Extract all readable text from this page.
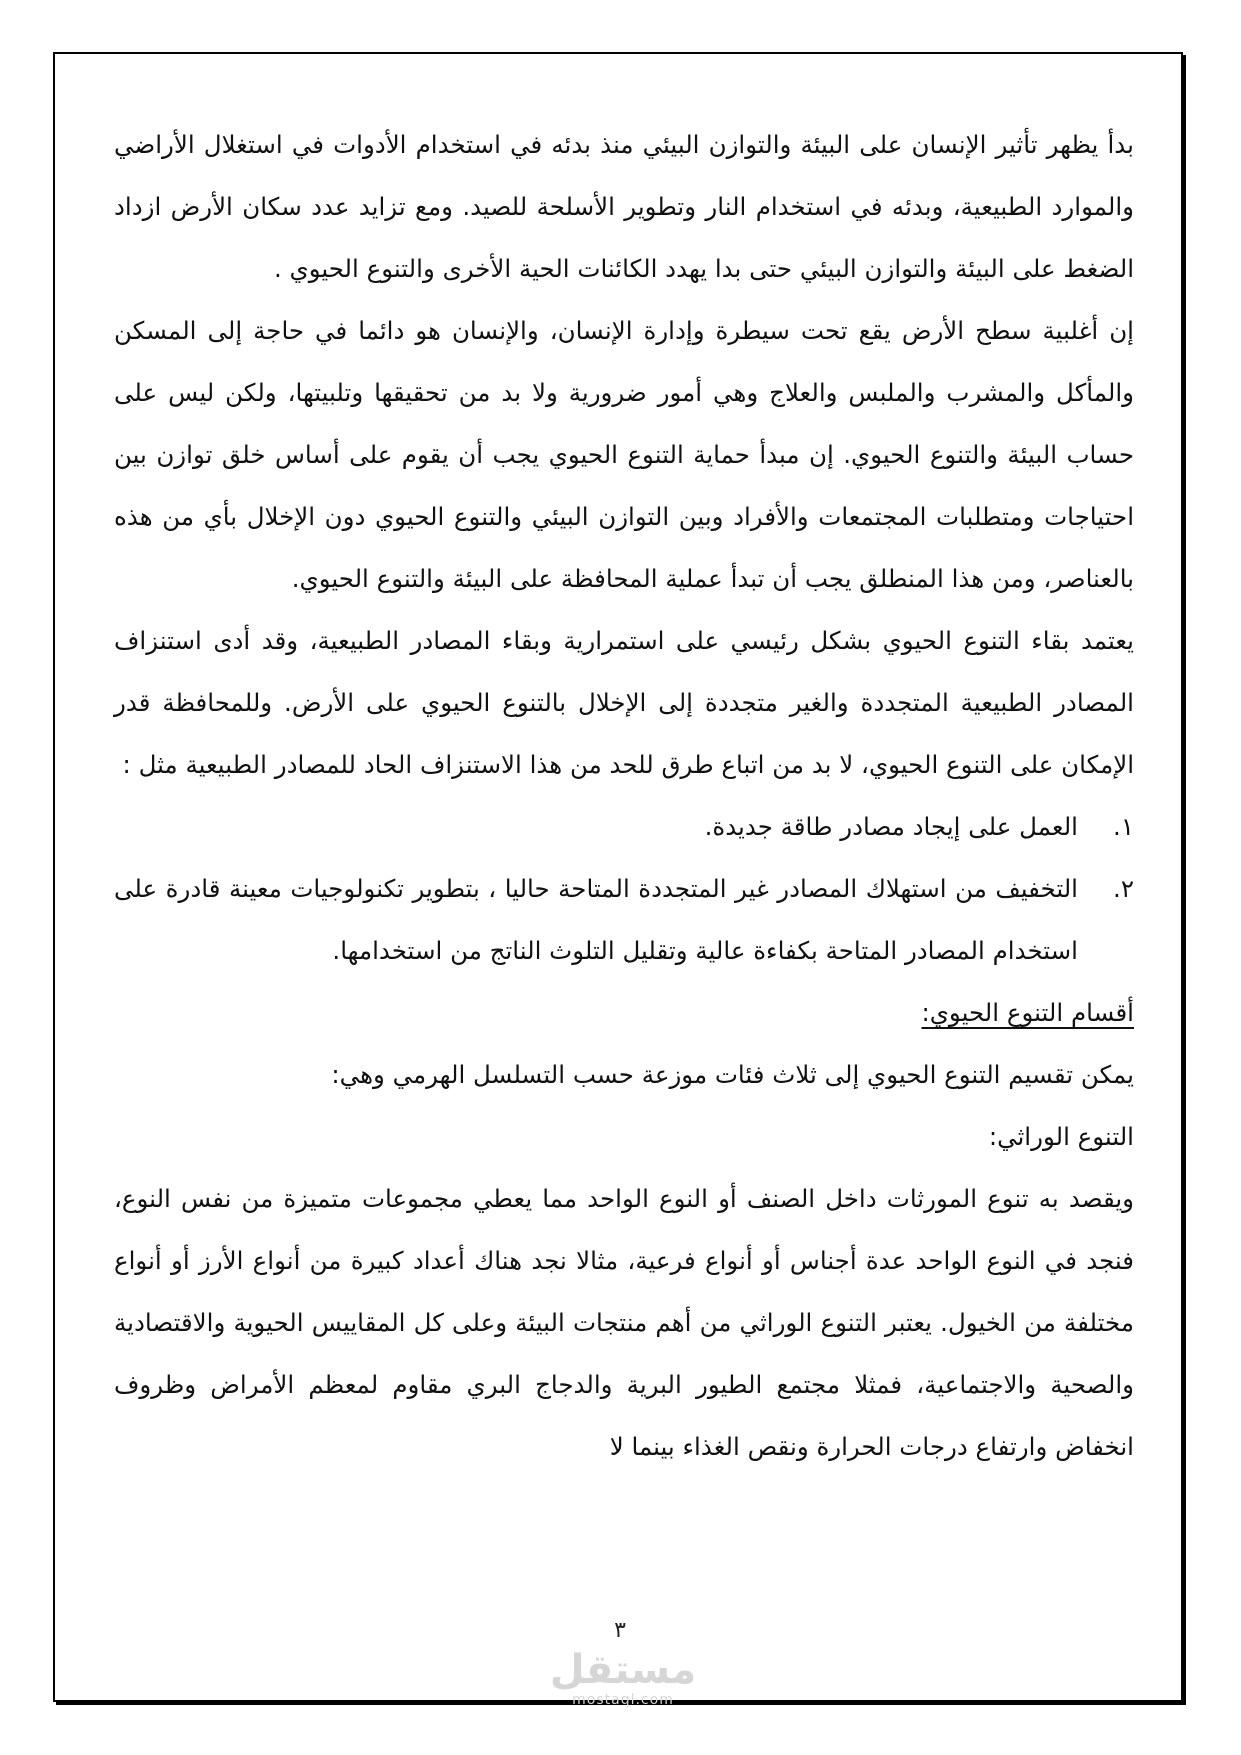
بدأ يظهر تأثير الإنسان على البيئة والتوازن البيئي منذ بدئه في استخدام الأدوات في استغلال الأراضي والموارد الطبيعية، وبدئه في استخدام النار وتطوير الأسلحة للصيد. ومع تزايد عدد سكان الأرض ازداد الضغط على البيئة والتوازن البيئي حتى بدا يهدد الكائنات الحية الأخرى والتنوع الحيوي .

إن أغلبية سطح الأرض يقع تحت سيطرة وإدارة الإنسان، والإنسان هو دائما في حاجة إلى المسكن والمأكل والمشرب والملبس والعلاج وهي أمور ضرورية ولا بد من تحقيقها وتلبيتها، ولكن ليس على حساب البيئة والتنوع الحيوي. إن مبدأ حماية التنوع الحيوي يجب أن يقوم على أساس خلق توازن بين احتياجات ومتطلبات المجتمعات والأفراد وبين التوازن البيئي والتنوع الحيوي دون الإخلال بأي من هذه بالعناصر، ومن هذا المنطلق يجب أن تبدأ عملية المحافظة على البيئة والتنوع الحيوي.

يعتمد بقاء التنوع الحيوي بشكل رئيسي على استمرارية وبقاء المصادر الطبيعية، وقد أدى استنزاف المصادر الطبيعية المتجددة والغير متجددة إلى الإخلال بالتنوع الحيوي على الأرض. وللمحافظة قدر الإمكان على التنوع الحيوي، لا بد من اتباع طرق للحد من هذا الاستنزاف الحاد للمصادر الطبيعية مثل :

١.
العمل على إيجاد مصادر طاقة جديدة.
٢.
التخفيف من استهلاك المصادر غير المتجددة المتاحة حاليا ، بتطوير تكنولوجيات معينة قادرة على استخدام المصادر المتاحة بكفاءة عالية وتقليل التلوث الناتج من استخدامها.

أقسام التنوع الحيوي:

يمكن تقسيم التنوع الحيوي إلى ثلاث فئات موزعة حسب التسلسل الهرمي وهي:

التنوع الوراثي:

ويقصد به تنوع المورثات داخل الصنف أو النوع الواحد مما يعطي مجموعات متميزة من نفس النوع، فنجد في النوع الواحد عدة أجناس أو أنواع فرعية، مثالا نجد هناك أعداد كبيرة من أنواع الأرز أو أنواع مختلفة من الخيول. يعتبر التنوع الوراثي من أهم منتجات البيئة وعلى كل المقاييس الحيوية والاقتصادية والصحية والاجتماعية، فمثلا مجتمع الطيور البرية والدجاج البري مقاوم لمعظم الأمراض وظروف انخفاض وارتفاع درجات الحرارة ونقص الغذاء بينما لا

٣
مستقل
mostaql.com
